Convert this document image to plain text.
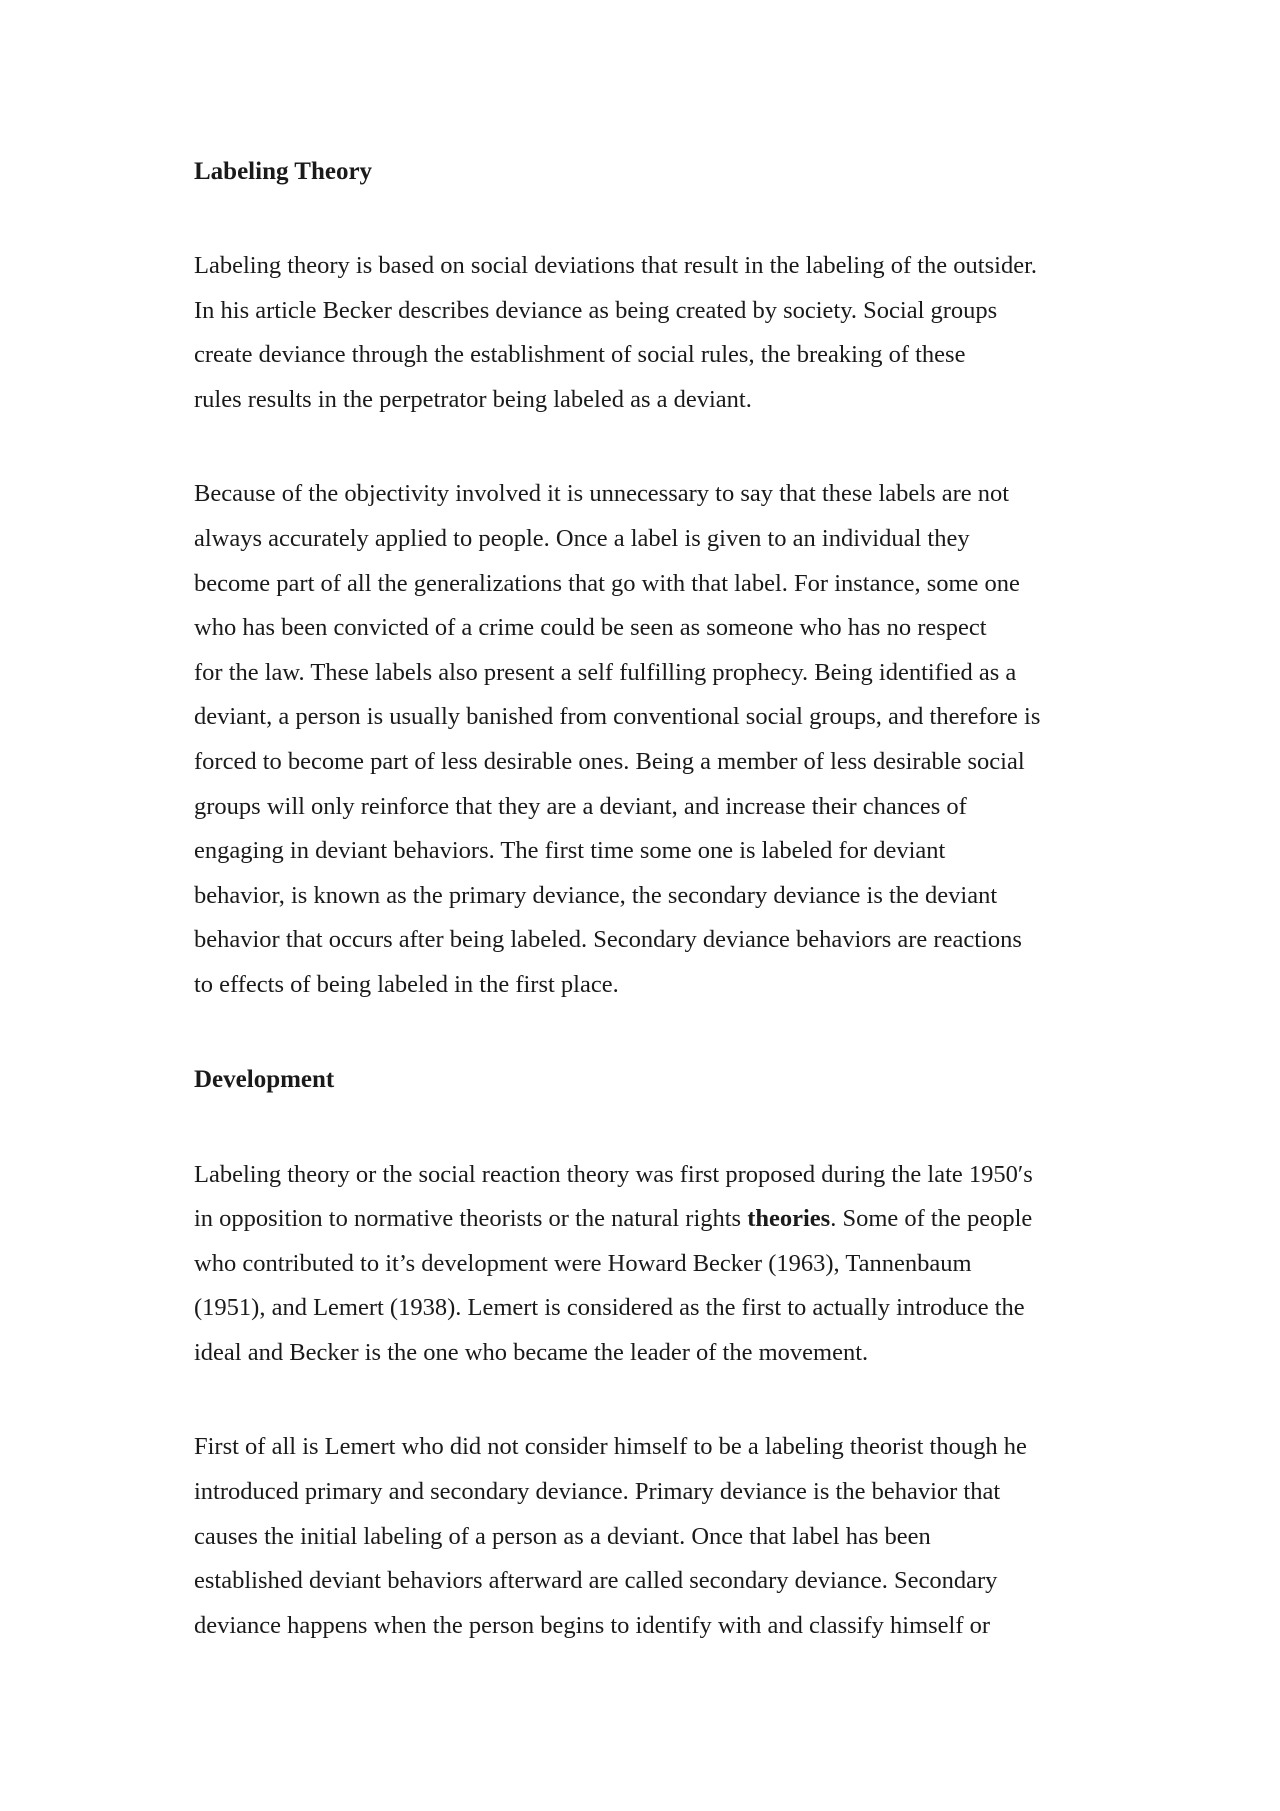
Labeling Theory

Labeling theory is based on social deviations that result in the labeling of the outsider.
In his article Becker describes deviance as being created by society. Social groups
create deviance through the establishment of social rules, the breaking of these
rules results in the perpetrator being labeled as a deviant.

Because of the objectivity involved it is unnecessary to say that these labels are not
always accurately applied to people. Once a label is given to an individual they
become part of all the generalizations that go with that label. For instance, some one
who has been convicted of a crime could be seen as someone who has no respect
for the law. These labels also present a self fulfilling prophecy. Being identified as a
deviant, a person is usually banished from conventional social groups, and therefore is
forced to become part of less desirable ones. Being a member of less desirable social
groups will only reinforce that they are a deviant, and increase their chances of
engaging in deviant behaviors. The first time some one is labeled for deviant
behavior, is known as the primary deviance, the secondary deviance is the deviant
behavior that occurs after being labeled. Secondary deviance behaviors are reactions
to effects of being labeled in the first place.

Development

Labeling theory or the social reaction theory was first proposed during the late 1950′s
in opposition to normative theorists or the natural rights theories. Some of the people
who contributed to it’s development were Howard Becker (1963), Tannenbaum
(1951), and Lemert (1938). Lemert is considered as the first to actually introduce the
ideal and Becker is the one who became the leader of the movement.

First of all is Lemert who did not consider himself to be a labeling theorist though he
introduced primary and secondary deviance. Primary deviance is the behavior that
causes the initial labeling of a person as a deviant. Once that label has been
established deviant behaviors afterward are called secondary deviance. Secondary
deviance happens when the person begins to identify with and classify himself or
